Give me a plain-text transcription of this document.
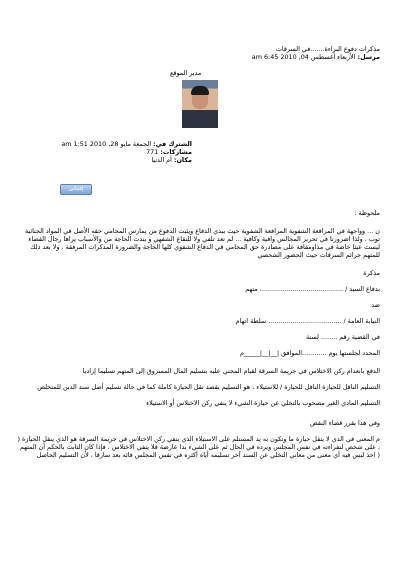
مذكرات دفوع البراءة.......في السرقات
مرسل: الأربعاء أغسطس 04, 2010 6:45 am
مدير الموقع
الشترك في: الجمعة مايو 28, 2010 1:51 am
مشاركات: 771
مكان: أم الدنيا
إقتباس
ملحوظة :
ن ... وواجهة في المراقعة الشفوية المرافعة الشفوية حيث يبدي الدفاع ويثبت الدفوع من يمارس المحامي حقه الأصل في المواد الجنائية
توب ، ولذا اضرورتا في تحرير المجالس وافية وكافية ... لم تعد تلفي ولا للنقاع الشفهي و بندت الحاجة من والأسباب يراها رجال القضاء
ليست عبثا خاصة في مذاومقافة على مصادرة حق المحامي في الدفاع الشفوي كلها الحاجة والضرورة المذكرات المرفقة ، ولا بعد ذلك
للمتهم جرائم السرقات حيث الحضور الشخصي
مذكرة
بدفاع السيد / ......................................... متهم
ضد
النيابة العامة / .................................... سلطة اتهام
في القضية رقم ........ لسنة
المحدد لجلستها يوم ............الموافق |__|__|_____م
الدفع بانعدام ركن الاختلاس في جريمة السرقة لقيام المجني عليه بتسليم المال المسروق إلى المتهم تسليما إراديا
التسليم الناقل للحيازة الناقل للحيازة / للاستيلاء ، هو التسليم بقصد نقل الحيازة كاملة كما في حالة تسليم أصل سند الدين للمتخلص
التسليم المادي الغير مصحوب بالتخلي عن حيازة الشيء لا ينفي ركن الاختلاس أو الاستيلاء
وفي هذا يقرر قضاء النقض
م المعنى في الذي لا يتقل حيازة ما وتكون به يد المستلم على الاستيلاء الذي ينفي ركن الاختلاس في جريمة السرقة هو الذي ينقل الحيازة (
، على شخص لتقراءته في نفس المجلس ويرده في الحال ثم على الشيء بدا عارضة فلا ينفي الاختلاس ، فإذا كان الثابت بالحكم أن المتهم
( اخذ لبس فيه أي معنى من معاني التخلي عن السند آخر تسليمه أياه أكثره في نفس المجلس قائه بعد سارقا ، لأن التسليم الحاصل
